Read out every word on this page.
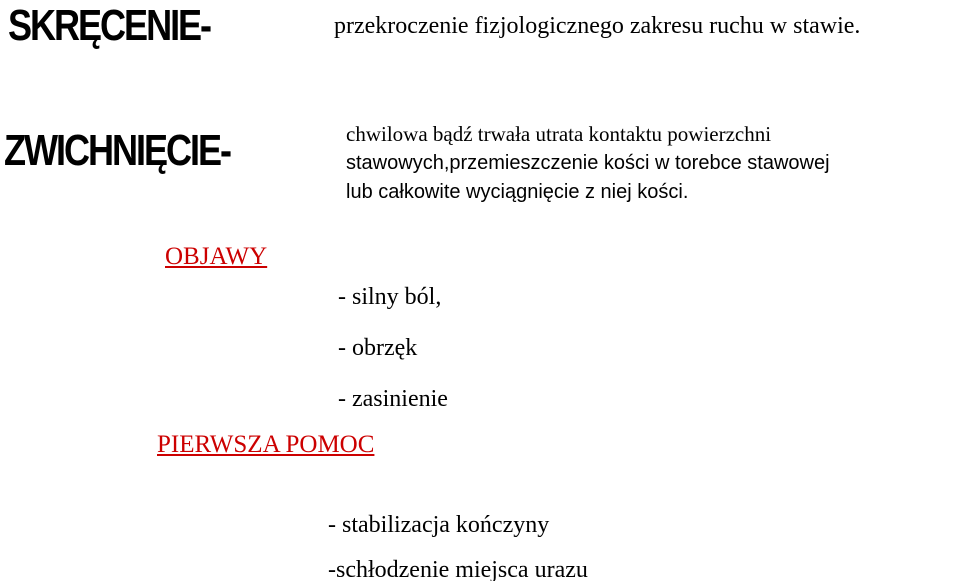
SKRĘCENIE-	przekroczenie fizjologicznego zakresu ruchu w stawie.
ZWICHNIĘCIE-	chwilowa bądź trwała utrata kontaktu powierzchni
stawowych,przemieszczenie kości w torebce stawowej
lub całkowite wyciągnięcie z niej kości.
OBJAWY
- silny ból,
- obrzęk
- zasinienie
PIERWSZA POMOC
- stabilizacja kończyny
-schłodzenie miejsca urazu
